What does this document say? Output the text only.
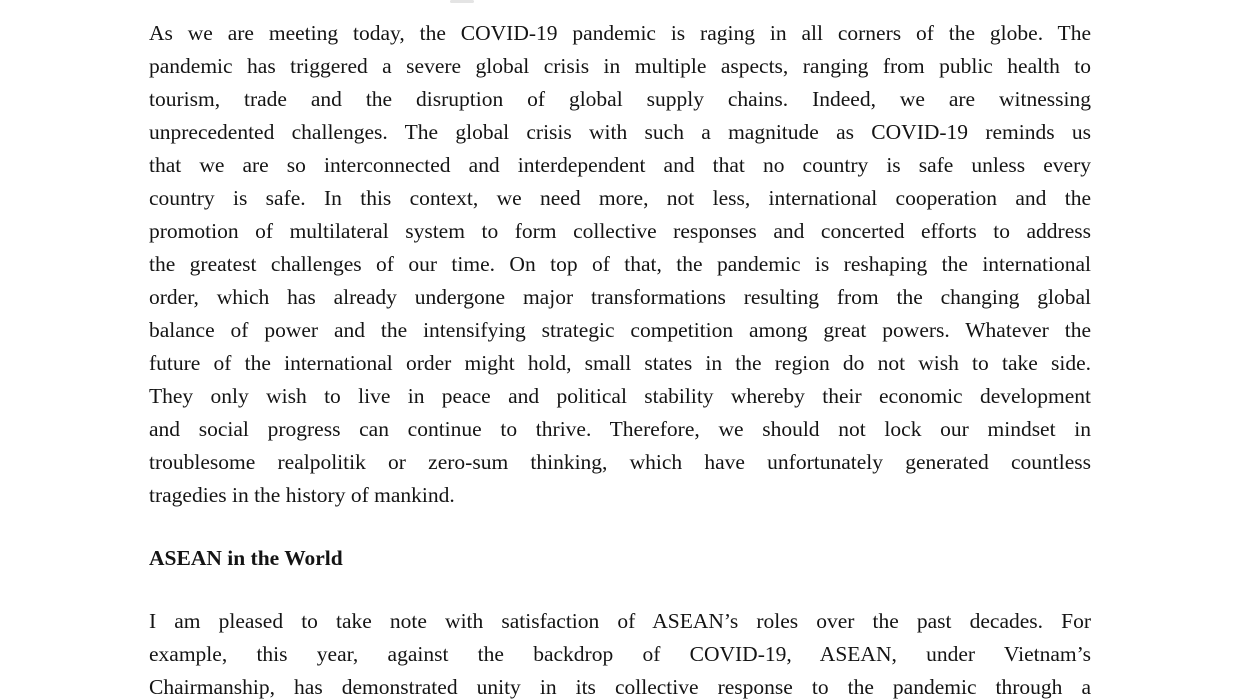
As we are meeting today, the COVID-19 pandemic is raging in all corners of the globe. The
pandemic has triggered a severe global crisis in multiple aspects, ranging from public health to
tourism, trade and the disruption of global supply chains. Indeed, we are witnessing
unprecedented challenges. The global crisis with such a magnitude as COVID-19 reminds us
that we are so interconnected and interdependent and that no country is safe unless every
country is safe. In this context, we need more, not less, international cooperation and the
promotion of multilateral system to form collective responses and concerted efforts to address
the greatest challenges of our time. On top of that, the pandemic is reshaping the international
order, which has already undergone major transformations resulting from the changing global
balance of power and the intensifying strategic competition among great powers. Whatever the
future of the international order might hold, small states in the region do not wish to take side.
They only wish to live in peace and political stability whereby their economic development
and social progress can continue to thrive. Therefore, we should not lock our mindset in
troublesome realpolitik or zero-sum thinking, which have unfortunately generated countless
tragedies in the history of mankind.
ASEAN in the World
I am pleased to take note with satisfaction of ASEAN’s roles over the past decades. For
example, this year, against the backdrop of COVID-19, ASEAN, under Vietnam’s
Chairmanship, has demonstrated unity in its collective response to the pandemic through a
